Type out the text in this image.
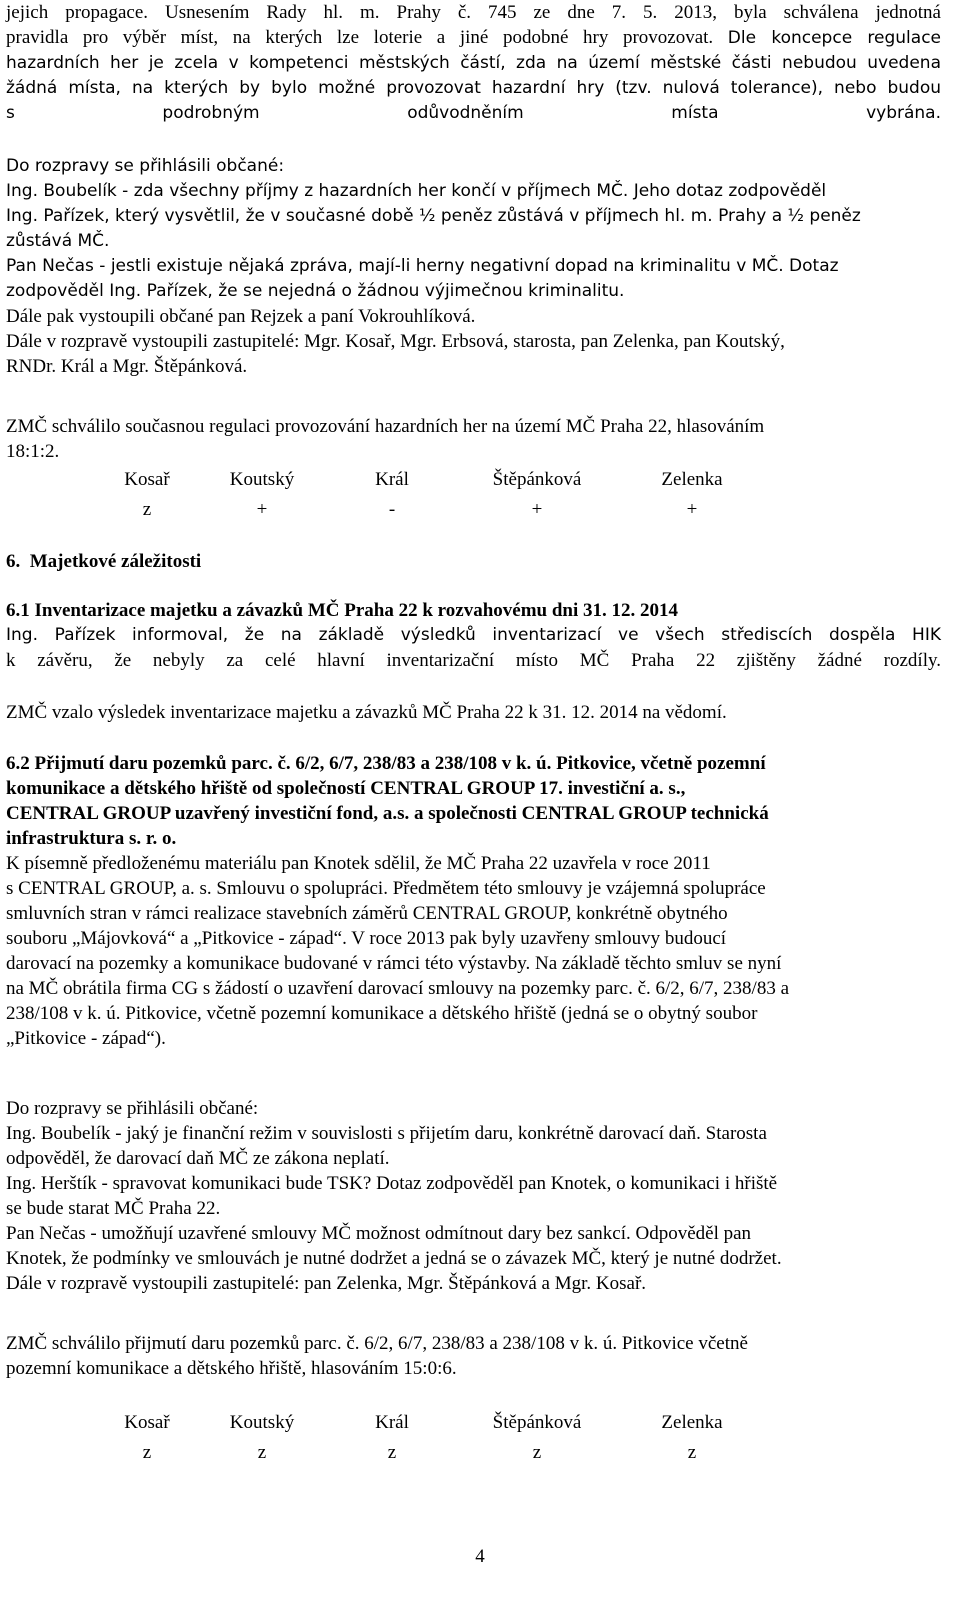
jejich propagace. Usnesením Rady hl. m. Prahy č. 745 ze dne 7. 5. 2013, byla schválena jednotná
pravidla pro výběr míst, na kterých lze loterie a jiné podobné hry provozovat. Dle koncepce regulace
hazardních her je zcela v kompetenci městských částí, zda na území městské části nebudou uvedena
žádná místa, na kterých by bylo možné provozovat hazardní hry (tzv. nulová tolerance), nebo budou
s podrobným odůvodněním místa vybrána.
Do rozpravy se přihlásili občané:
Ing. Boubelík - zda všechny příjmy z hazardních her končí v příjmech MČ. Jeho dotaz zodpověděl
Ing. Pařízek, který vysvětlil, že v současné době ½ peněz zůstává v příjmech hl. m. Prahy a ½ peněz
zůstává MČ.
Pan Nečas - jestli existuje nějaká zpráva, mají-li herny negativní dopad na kriminalitu v MČ. Dotaz
zodpověděl Ing. Pařízek, že se nejedná o žádnou výjimečnou kriminalitu.
Dále pak vystoupili občané pan Rejzek a paní Vokrouhlíková.
Dále v rozpravě vystoupili zastupitelé: Mgr. Kosař, Mgr. Erbsová, starosta, pan Zelenka, pan Koutský,
RNDr. Král a Mgr. Štěpánková.
ZMČ schválilo současnou regulaci provozování hazardních her na území MČ Praha 22, hlasováním
18:1:2.
Kosař	Koutský	Král	Štěpánková	Zelenka
z	+	-	+	+
6. Majetkové záležitosti
6.1 Inventarizace majetku a závazků MČ Praha 22 k rozvahovému dni 31. 12. 2014
Ing. Pařízek informoval, že na základě výsledků inventarizací ve všech střediscích dospěla HIK
k závěru, že nebyly za celé hlavní inventarizační místo MČ Praha 22 zjištěny žádné rozdíly.
ZMČ vzalo výsledek inventarizace majetku a závazků MČ Praha 22 k 31. 12. 2014 na vědomí.
6.2 Přijmutí daru pozemků parc. č. 6/2, 6/7, 238/83 a 238/108 v k. ú. Pitkovice, včetně pozemní
komunikace a dětského hřiště od společností CENTRAL GROUP 17. investiční a. s.,
CENTRAL GROUP uzavřený investiční fond, a.s. a společnosti CENTRAL GROUP technická
infrastruktura s. r. o.
K písemně předloženému materiálu pan Knotek sdělil, že MČ Praha 22 uzavřela v roce 2011
s CENTRAL GROUP, a. s. Smlouvu o spolupráci. Předmětem této smlouvy je vzájemná spolupráce
smluvních stran v rámci realizace stavebních záměrů CENTRAL GROUP, konkrétně obytného
souboru „Májovková“ a „Pitkovice - západ“. V roce 2013 pak byly uzavřeny smlouvy budoucí
darovací na pozemky a komunikace budované v rámci této výstavby. Na základě těchto smluv se nyní
na MČ obrátila firma CG s žádostí o uzavření darovací smlouvy na pozemky parc. č. 6/2, 6/7, 238/83 a
238/108 v k. ú. Pitkovice, včetně pozemní komunikace a dětského hřiště (jedná se o obytný soubor
„Pitkovice - západ“).
Do rozpravy se přihlásili občané:
Ing. Boubelík - jaký je finanční režim v souvislosti s přijetím daru, konkrétně darovací daň. Starosta
odpověděl, že darovací daň MČ ze zákona neplatí.
Ing. Herštík - spravovat komunikaci bude TSK? Dotaz zodpověděl pan Knotek, o komunikaci i hřiště
se bude starat MČ Praha 22.
Pan Nečas - umožňují uzavřené smlouvy MČ možnost odmítnout dary bez sankcí. Odpověděl pan
Knotek, že podmínky ve smlouvách je nutné dodržet a jedná se o závazek MČ, který je nutné dodržet.
Dále v rozpravě vystoupili zastupitelé: pan Zelenka, Mgr. Štěpánková a Mgr. Kosař.
ZMČ schválilo přijmutí daru pozemků parc. č. 6/2, 6/7, 238/83 a 238/108 v k. ú. Pitkovice včetně
pozemní komunikace a dětského hřiště, hlasováním 15:0:6.
Kosař	Koutský	Král	Štěpánková	Zelenka
z	z	z	z	z
4
